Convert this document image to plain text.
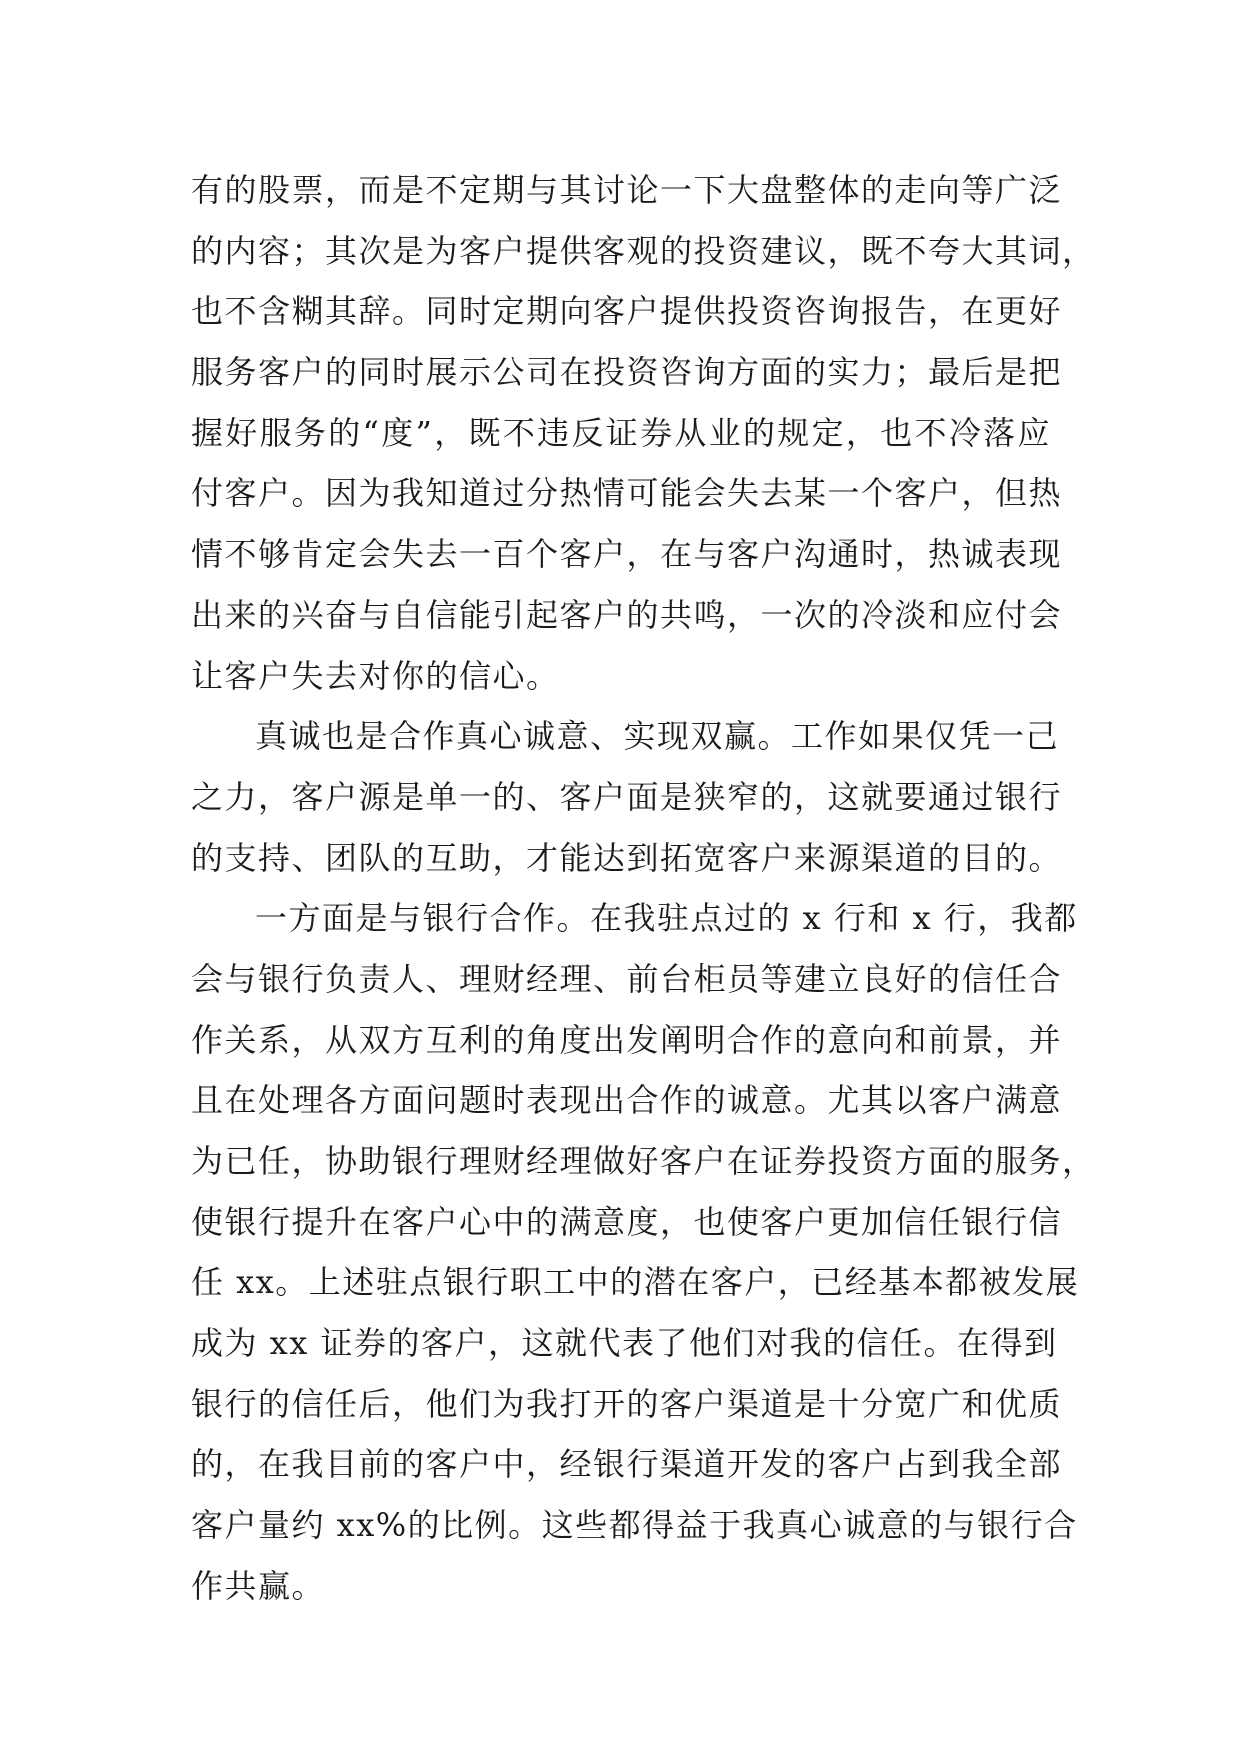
有的股票，而是不定期与其讨论一下大盘整体的走向等广泛
的内容；其次是为客户提供客观的投资建议，既不夸大其词，
也不含糊其辞。同时定期向客户提供投资咨询报告，在更好
服务客户的同时展示公司在投资咨询方面的实力；最后是把
握好服务的“度”，既不违反证券从业的规定，也不冷落应
付客户。因为我知道过分热情可能会失去某一个客户，但热
情不够肯定会失去一百个客户，在与客户沟通时，热诚表现
出来的兴奋与自信能引起客户的共鸣，一次的冷淡和应付会
让客户失去对你的信心。
真诚也是合作真心诚意、实现双赢。工作如果仅凭一己
之力，客户源是单一的、客户面是狭窄的，这就要通过银行
的支持、团队的互助，才能达到拓宽客户来源渠道的目的。
一方面是与银行合作。在我驻点过的 x 行和 x 行，我都
会与银行负责人、理财经理、前台柜员等建立良好的信任合
作关系，从双方互利的角度出发阐明合作的意向和前景，并
且在处理各方面问题时表现出合作的诚意。尤其以客户满意
为已任，协助银行理财经理做好客户在证券投资方面的服务，
使银行提升在客户心中的满意度，也使客户更加信任银行信
任 xx。上述驻点银行职工中的潜在客户，已经基本都被发展
成为 xx 证券的客户，这就代表了他们对我的信任。在得到
银行的信任后，他们为我打开的客户渠道是十分宽广和优质
的，在我目前的客户中，经银行渠道开发的客户占到我全部
客户量约 xx%的比例。这些都得益于我真心诚意的与银行合
作共赢。
